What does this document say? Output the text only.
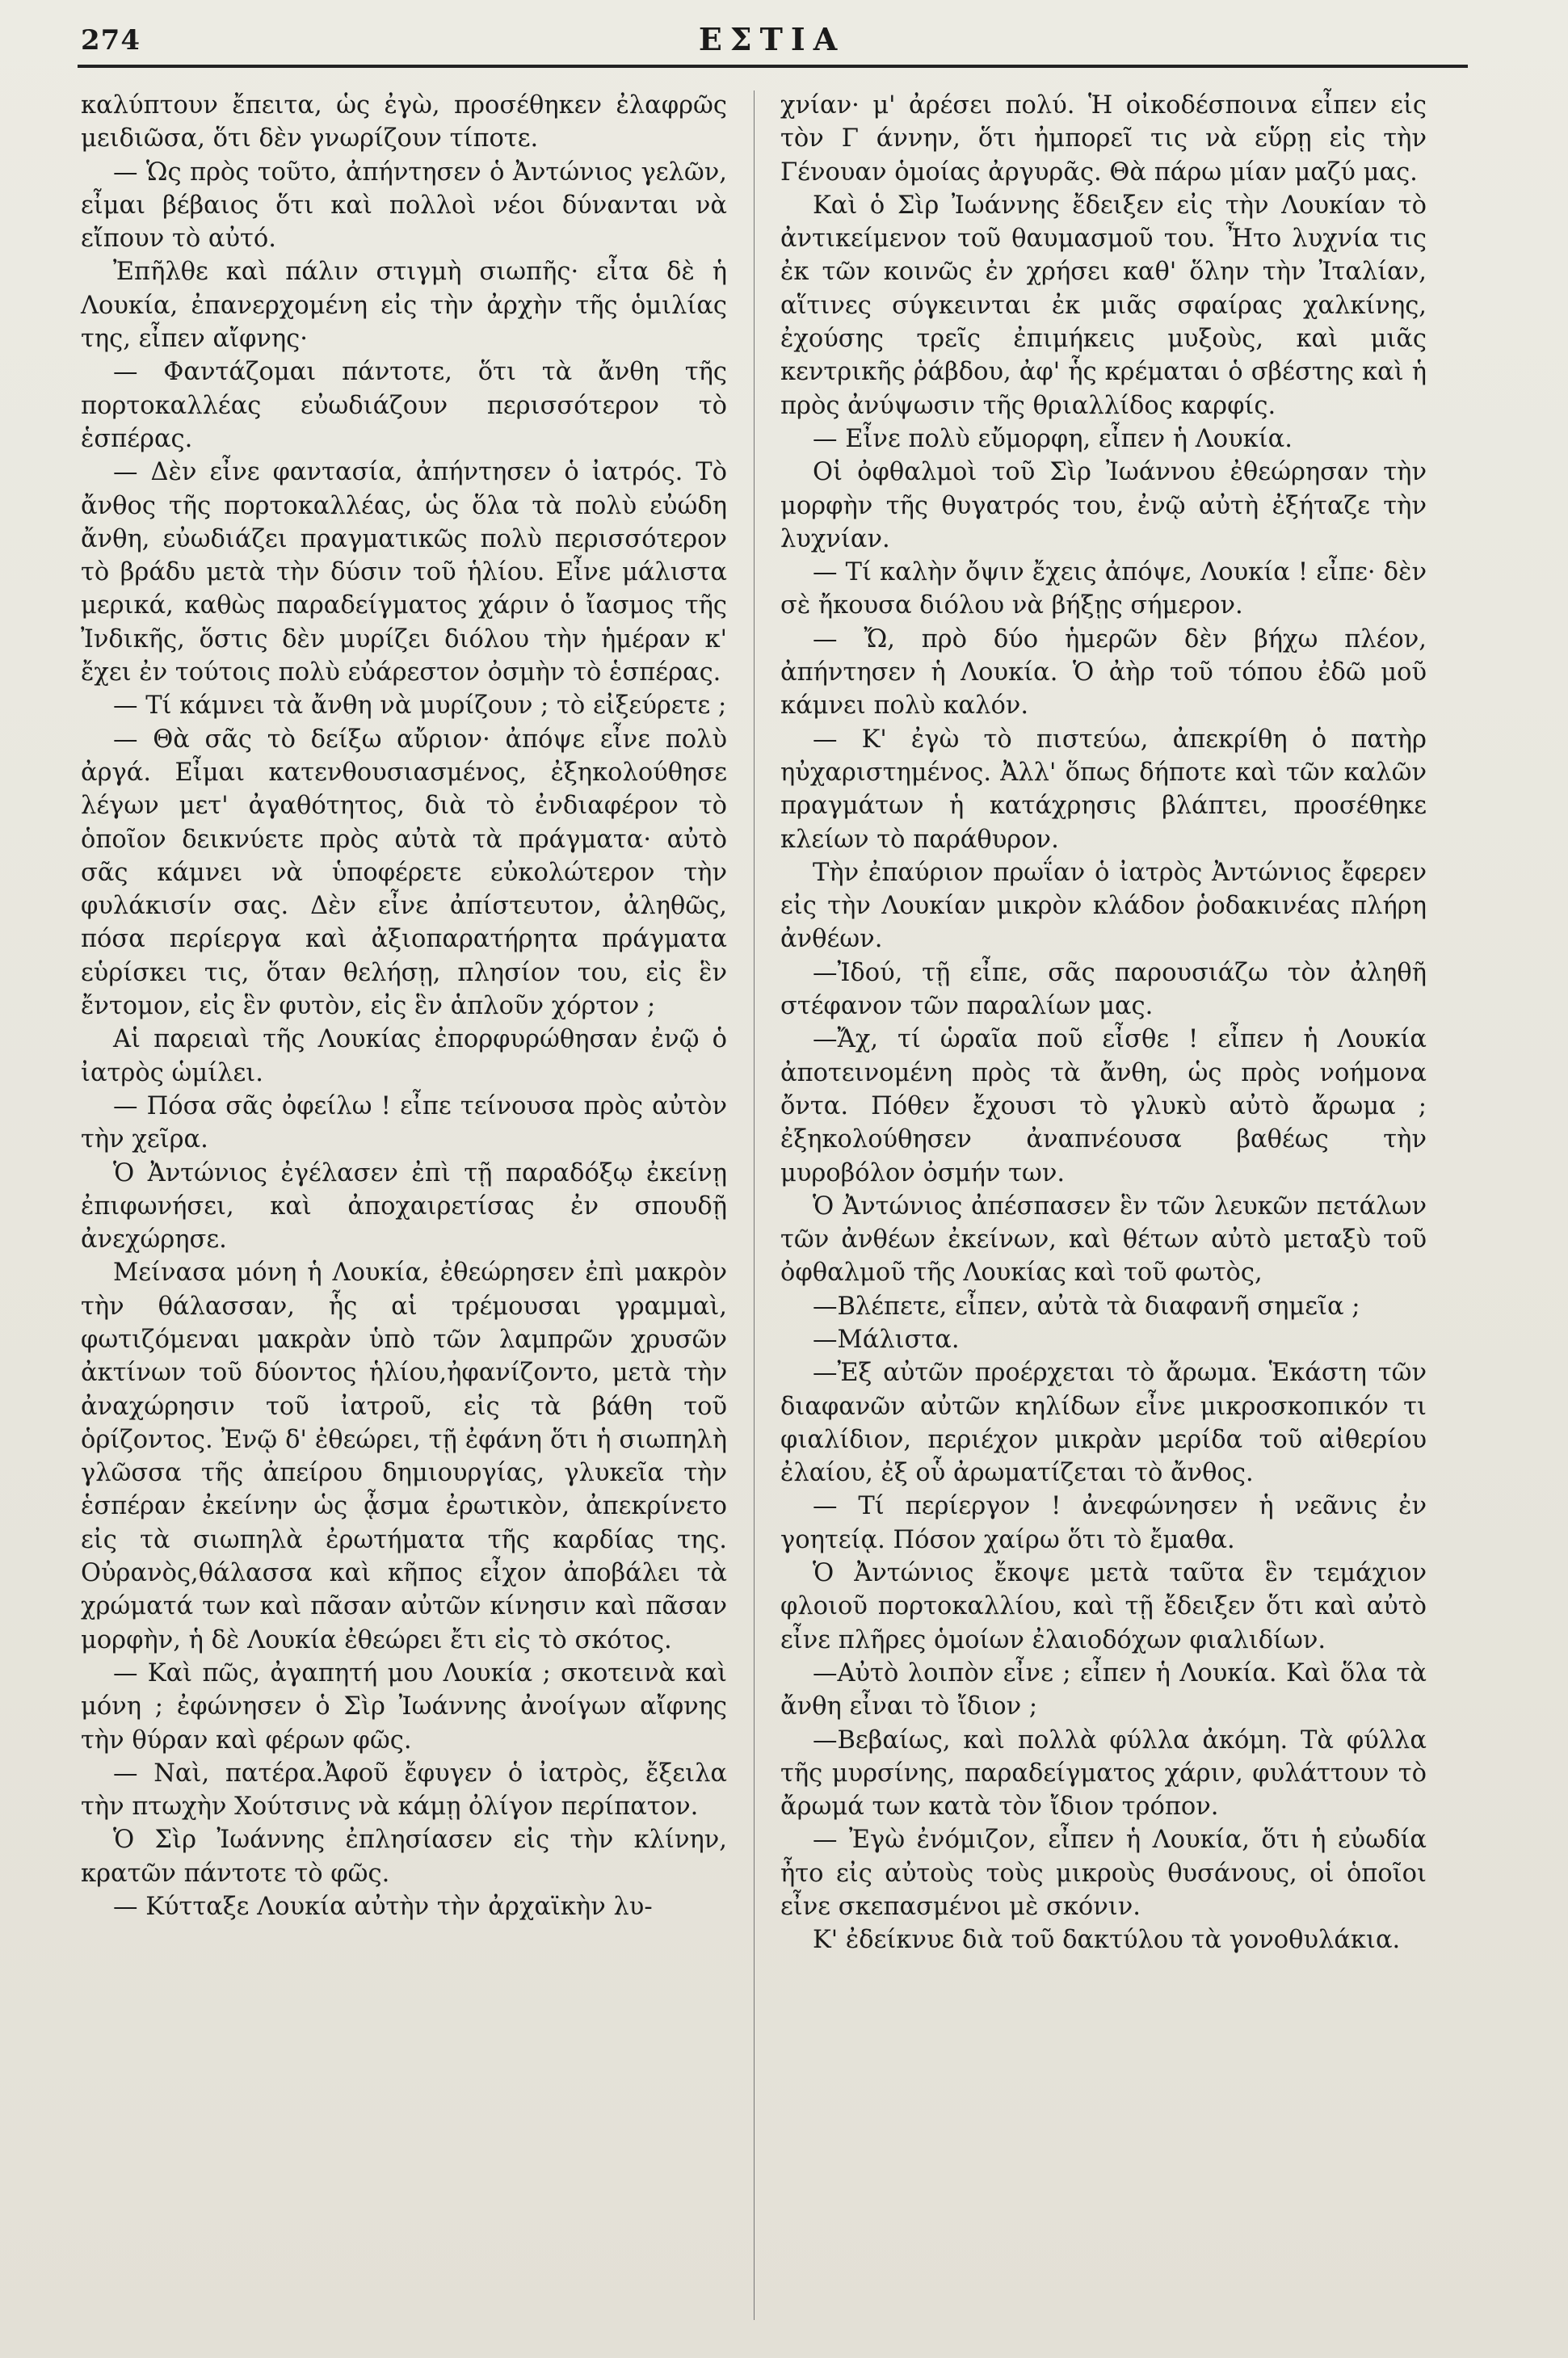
274	ΕΣΤΙΑ

καλύπτουν ἔπειτα, ὡς ἐγὼ, προσέθηκεν ἐλαφρῶς μειδιῶσα, ὅτι δὲν γνωρίζουν τίποτε.

— Ὡς πρὸς τοῦτο, ἀπήντησεν ὁ Ἀντώνιος γελῶν, εἶμαι βέβαιος ὅτι καὶ πολλοὶ νέοι δύνανται νὰ εἴπουν τὸ αὐτό.

Ἐπῆλθε καὶ πάλιν στιγμὴ σιωπῆς· εἶτα δὲ ἡ Λουκία, ἐπανερχομένη εἰς τὴν ἀρχὴν τῆς ὁμιλίας της, εἶπεν αἴφνης·

— Φαντάζομαι πάντοτε, ὅτι τὰ ἄνθη τῆς πορτοκαλλέας εὐωδιάζουν περισσότερον τὸ ἑσπέρας.

— Δὲν εἶνε φαντασία, ἀπήντησεν ὁ ἰατρός. Τὸ ἄνθος τῆς πορτοκαλλέας, ὡς ὅλα τὰ πολὺ εὐώδη ἄνθη, εὐωδιάζει πραγματικῶς πολὺ περισσότερον τὸ βράδυ μετὰ τὴν δύσιν τοῦ ἡλίου. Εἶνε μάλιστα μερικά, καθὼς παραδείγματος χάριν ὁ ἴασμος τῆς Ἰνδικῆς, ὅστις δὲν μυρίζει διόλου τὴν ἡμέραν κ' ἔχει ἐν τούτοις πολὺ εὐάρεστον ὀσμὴν τὸ ἑσπέρας.

— Τί κάμνει τὰ ἄνθη νὰ μυρίζουν ; τὸ εἰξεύρετε ;

— Θὰ σᾶς τὸ δείξω αὔριον· ἀπόψε εἶνε πολὺ ἀργά. Εἶμαι κατενθουσιασμένος, ἐξηκολούθησε λέγων μετ' ἀγαθότητος, διὰ τὸ ἐνδιαφέρον τὸ ὁποῖον δεικνύετε πρὸς αὐτὰ τὰ πράγματα· αὐτὸ σᾶς κάμνει νὰ ὑποφέρετε εὐκολώτερον τὴν φυλάκισίν σας. Δὲν εἶνε ἀπίστευτον, ἀληθῶς, πόσα περίεργα καὶ ἀξιοπαρατήρητα πράγματα εὑρίσκει τις, ὅταν θελήσῃ, πλησίον του, εἰς ἓν ἔντομον, εἰς ἓν φυτὸν, εἰς ἓν ἁπλοῦν χόρτον ;

Αἱ παρειαὶ τῆς Λουκίας ἐπορφυρώθησαν ἐνῷ ὁ ἰατρὸς ὡμίλει.

— Πόσα σᾶς ὀφείλω ! εἶπε τείνουσα πρὸς αὐτὸν τὴν χεῖρα.

Ὁ Ἀντώνιος ἐγέλασεν ἐπὶ τῇ παραδόξῳ ἐκείνῃ ἐπιφωνήσει, καὶ ἀποχαιρετίσας ἐν σπουδῇ ἀνεχώρησε.

Μείνασα μόνη ἡ Λουκία, ἐθεώρησεν ἐπὶ μακρὸν τὴν θάλασσαν, ἧς αἱ τρέμουσαι γραμμαὶ, φωτιζόμεναι μακρὰν ὑπὸ τῶν λαμπρῶν χρυσῶν ἀκτίνων τοῦ δύοντος ἡλίου,ἠφανίζοντο, μετὰ τὴν ἀναχώρησιν τοῦ ἰατροῦ, εἰς τὰ βάθη τοῦ ὁρίζοντος. Ἐνῷ δ' ἐθεώρει, τῇ ἐφάνη ὅτι ἡ σιωπηλὴ γλῶσσα τῆς ἀπείρου δημιουργίας, γλυκεῖα τὴν ἑσπέραν ἐκείνην ὡς ᾆσμα ἐρωτικὸν, ἀπεκρίνετο εἰς τὰ σιωπηλὰ ἐρωτήματα τῆς καρδίας της. Οὐρανὸς,θάλασσα καὶ κῆπος εἶχον ἀποβάλει τὰ χρώματά των καὶ πᾶσαν αὐτῶν κίνησιν καὶ πᾶσαν μορφὴν, ἡ δὲ Λουκία ἐθεώρει ἔτι εἰς τὸ σκότος.

— Καὶ πῶς, ἀγαπητή μου Λουκία ; σκοτεινὰ καὶ μόνη ; ἐφώνησεν ὁ Σὶρ Ἰωάννης ἀνοίγων αἴφνης τὴν θύραν καὶ φέρων φῶς.

— Ναὶ, πατέρα.Ἀφοῦ ἔφυγεν ὁ ἰατρὸς, ἔξειλα τὴν πτωχὴν Χούτσινς νὰ κάμῃ ὀλίγον περίπατον.

Ὁ Σὶρ Ἰωάννης ἐπλησίασεν εἰς τὴν κλίνην, κρατῶν πάντοτε τὸ φῶς.

— Κύτταξε Λουκία αὐτὴν τὴν ἀρχαϊκὴν λυ-

χνίαν· μ' ἀρέσει πολύ. Ἡ οἰκοδέσποινα εἶπεν εἰς τὸν Γ άννην, ὅτι ἠμπορεῖ τις νὰ εὕρῃ εἰς τὴν Γένουαν ὁμοίας ἀργυρᾶς. Θὰ πάρω μίαν μαζύ μας.

Καὶ ὁ Σὶρ Ἰωάννης ἔδειξεν εἰς τὴν Λουκίαν τὸ ἀντικείμενον τοῦ θαυμασμοῦ του. Ἦτο λυχνία τις ἐκ τῶν κοινῶς ἐν χρήσει καθ' ὅλην τὴν Ἰταλίαν, αἵτινες σύγκεινται ἐκ μιᾶς σφαίρας χαλκίνης, ἐχούσης τρεῖς ἐπιμήκεις μυξοὺς, καὶ μιᾶς κεντρικῆς ῥάβδου, ἀφ' ἧς κρέμαται ὁ σβέστης καὶ ἡ πρὸς ἀνύψωσιν τῆς θριαλλίδος καρφίς.

— Εἶνε πολὺ εὔμορφη, εἶπεν ἡ Λουκία.

Οἱ ὀφθαλμοὶ τοῦ Σὶρ Ἰωάννου ἐθεώρησαν τὴν μορφὴν τῆς θυγατρός του, ἐνῷ αὐτὴ ἐξήταζε τὴν λυχνίαν.

— Τί καλὴν ὄψιν ἔχεις ἀπόψε, Λουκία ! εἶπε· δὲν σὲ ἤκουσα διόλου νὰ βήξῃς σήμερον.

— Ὤ, πρὸ δύο ἡμερῶν δὲν βήχω πλέον, ἀπήντησεν ἡ Λουκία. Ὁ ἀὴρ τοῦ τόπου ἐδῶ μοῦ κάμνει πολὺ καλόν.

— Κ' ἐγὼ τὸ πιστεύω, ἀπεκρίθη ὁ πατὴρ ηὐχαριστημένος. Ἀλλ' ὅπως δήποτε καὶ τῶν καλῶν πραγμάτων ἡ κατάχρησις βλάπτει, προσέθηκε κλείων τὸ παράθυρον.

Τὴν ἐπαύριον πρωΐαν ὁ ἰατρὸς Ἀντώνιος ἔφερεν εἰς τὴν Λουκίαν μικρὸν κλάδον ῥοδακινέας πλήρη ἀνθέων.

—Ἰδού, τῇ εἶπε, σᾶς παρουσιάζω τὸν ἀληθῆ στέφανον τῶν παραλίων μας.

—Ἄχ, τί ὡραῖα ποῦ εἶσθε ! εἶπεν ἡ Λουκία ἀποτεινομένη πρὸς τὰ ἄνθη, ὡς πρὸς νοήμονα ὄντα. Πόθεν ἔχουσι τὸ γλυκὺ αὐτὸ ἄρωμα ; ἐξηκολούθησεν ἀναπνέουσα βαθέως τὴν μυροβόλον ὀσμήν των.

Ὁ Ἀντώνιος ἀπέσπασεν ἓν τῶν λευκῶν πετάλων τῶν ἀνθέων ἐκείνων, καὶ θέτων αὐτὸ μεταξὺ τοῦ ὀφθαλμοῦ τῆς Λουκίας καὶ τοῦ φωτὸς,

—Βλέπετε, εἶπεν, αὐτὰ τὰ διαφανῆ σημεῖα ;

—Μάλιστα.

—Ἐξ αὐτῶν προέρχεται τὸ ἄρωμα. Ἑκάστη τῶν διαφανῶν αὐτῶν κηλίδων εἶνε μικροσκοπικόν τι φιαλίδιον, περιέχον μικρὰν μερίδα τοῦ αἰθερίου ἐλαίου, ἐξ οὗ ἀρωματίζεται τὸ ἄνθος.

— Τί περίεργον ! ἀνεφώνησεν ἡ νεᾶνις ἐν γοητείᾳ. Πόσον χαίρω ὅτι τὸ ἔμαθα.

Ὁ Ἀντώνιος ἔκοψε μετὰ ταῦτα ἓν τεμάχιον φλοιοῦ πορτοκαλλίου, καὶ τῇ ἔδειξεν ὅτι καὶ αὐτὸ εἶνε πλῆρες ὁμοίων ἐλαιοδόχων φιαλιδίων.

—Αὐτὸ λοιπὸν εἶνε ; εἶπεν ἡ Λουκία. Καὶ ὅλα τὰ ἄνθη εἶναι τὸ ἴδιον ;

—Βεβαίως, καὶ πολλὰ φύλλα ἀκόμη. Τὰ φύλλα τῆς μυρσίνης, παραδείγματος χάριν, φυλάττουν τὸ ἄρωμά των κατὰ τὸν ἴδιον τρόπον.

— Ἐγὼ ἐνόμιζον, εἶπεν ἡ Λουκία, ὅτι ἡ εὐωδία ἦτο εἰς αὐτοὺς τοὺς μικροὺς θυσάνους, οἱ ὁποῖοι εἶνε σκεπασμένοι μὲ σκόνιν.

Κ' ἐδείκνυε διὰ τοῦ δακτύλου τὰ γονοθυλάκια.
